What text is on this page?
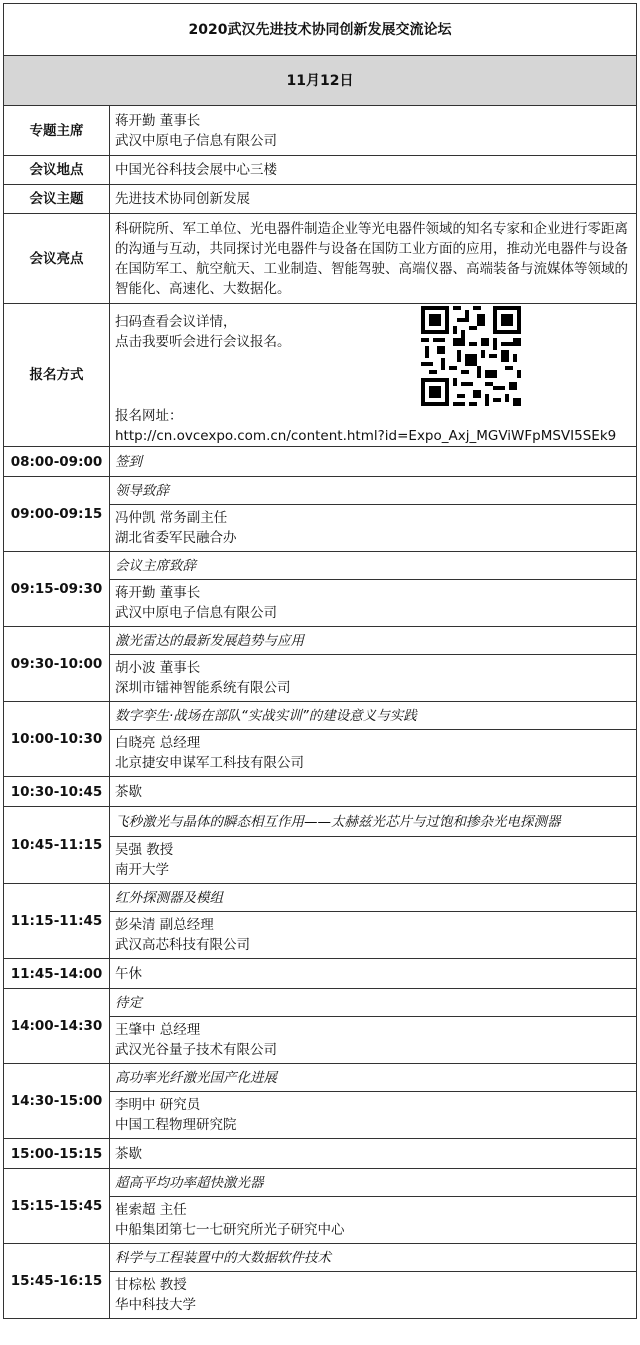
2020武汉先进技术协同创新发展交流论坛	
11月12日	
专题主席	蒋开勤 董事长
武汉中原电子信息有限公司

会议地点	中国光谷科技会展中心三楼
会议主题	先进技术协同创新发展
会议亮点	科研院所、军工单位、光电器件制造企业等光电器件领域的知名专家和企业进行零距离的沟通与互动，共同探讨光电器件与设备在国防工业方面的应用，推动光电器件与设备在国防军工、航空航天、工业制造、智能驾驶、高端仪器、高端装备与流媒体等领域的智能化、高速化、大数据化。
报名方式	扫码查看会议详情，
点击我要听会进行会议报名。
报名网址：
http://cn.ovcexpo.com.cn/content.html?id=Expo_Axj_MGViWFpMSVI5SEk9

08:00-09:00	签到
09:00-09:15	领导致辞

	冯仲凯 常务副主任
湖北省委军民融合办

09:15-09:30	会议主席致辞

	蒋开勤 董事长
武汉中原电子信息有限公司

09:30-10:00	激光雷达的最新发展趋势与应用

	胡小波 董事长
深圳市镭神智能系统有限公司

10:00-10:30	数字孪生·战场在部队“实战实训”的建设意义与实践

	白晓亮 总经理
北京捷安申谋军工科技有限公司

10:30-10:45	茶歇
10:45-11:15	飞秒激光与晶体的瞬态相互作用——太赫兹光芯片与过饱和掺杂光电探测器

	吴强 教授
南开大学

11:15-11:45	红外探测器及模组

	彭朵清 副总经理
武汉高芯科技有限公司

11:45-14:00	午休
14:00-14:30	待定

	王肇中 总经理
武汉光谷量子技术有限公司

14:30-15:00	高功率光纤激光国产化进展

	李明中 研究员
中国工程物理研究院

15:00-15:15	茶歇
15:15-15:45	超高平均功率超快激光器

	崔索超 主任
中船集团第七一七研究所光子研究中心

15:45-16:15	科学与工程装置中的大数据软件技术

	甘棕松 教授
华中科技大学
